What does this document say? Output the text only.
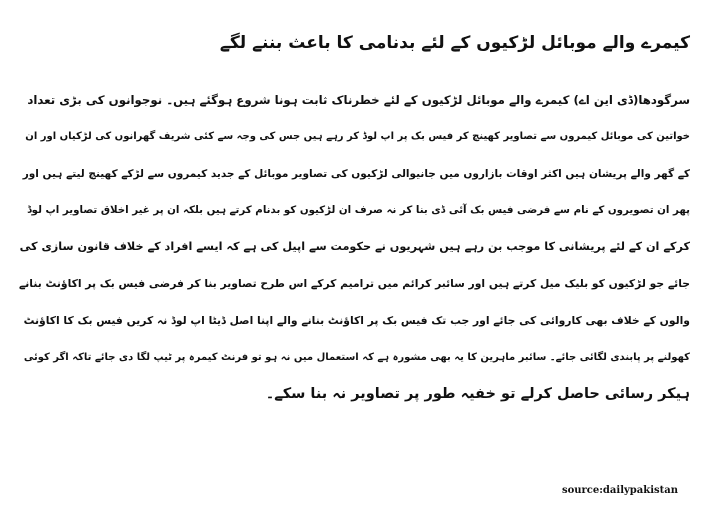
کیمرے والے موبائل لڑکیوں کے لئے بدنامی کا باعث بننے لگے
سرگودھا(ڈی این اے) کیمرے والے موبائل لڑکیوں کے لئے خطرناک ثابت ہونا شروع ہوگئے ہیں۔ نوجوانوں کی بڑی تعداد
خواتین کی موبائل کیمروں سے تصاویر کھینچ کر فیس بک پر اپ لوڈ کر رہے ہیں جس کی وجہ سے کئی شریف گھرانوں کی لڑکیاں اور ان
کے گھر والے پریشان ہیں اکثر اوقات بازاروں میں جانیوالی لڑکیوں کی تصاویر موبائل کے جدید کیمروں سے لڑکے کھینچ لیتے ہیں اور
پھر ان تصویروں کے نام سے فرضی فیس بک آئی ڈی بنا کر نہ صرف ان لڑکیوں کو بدنام کرتے ہیں بلکہ ان پر غیر اخلاق تصاویر اپ لوڈ
کرکے ان کے لئے پریشانی کا موجب بن رہے ہیں شہریوں نے حکومت سے اپیل کی ہے کہ ایسے افراد کے خلاف قانون سازی کی
جائے جو لڑکیوں کو بلیک میل کرتے ہیں اور سائبر کرائم میں ترامیم کرکے اس طرح تصاویر بنا کر فرضی فیس بک پر اکاؤنٹ بنانے
والوں کے خلاف بھی کاروائی کی جائے اور جب تک فیس بک پر اکاؤنٹ بنانے والے اپنا اصل ڈیٹا اپ لوڈ نہ کریں فیس بک کا اکاؤنٹ
کھولنے پر پابندی لگائی جائے۔ سائبر ماہرین کا یہ بھی مشورہ ہے کہ استعمال میں نہ ہو تو فرنٹ کیمرہ پر ٹیپ لگا دی جائے تاکہ اگر کوئی
ہیکر رسائی حاصل کرلے تو خفیہ طور پر تصاویر نہ بنا سکے۔
source:dailypakistan
